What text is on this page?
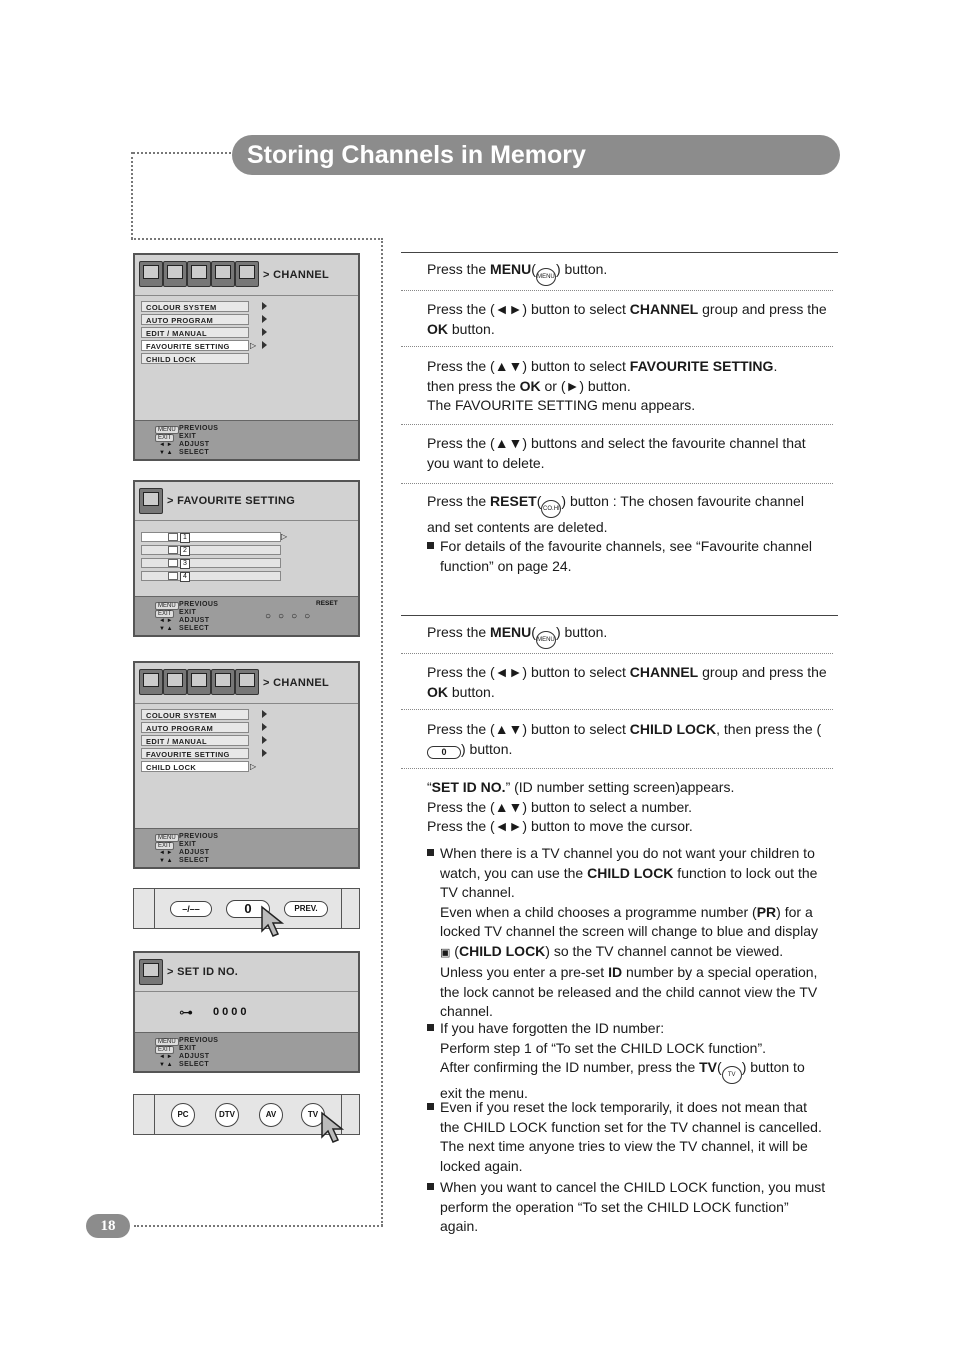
Storing Channels in Memory
> CHANNEL
COLOUR SYSTEM
AUTO PROGRAM
EDIT / MANUAL
FAVOURITE SETTING
CHILD LOCK
▷
MENU
EXIT
◄ ►
▼ ▲
PREVIOUS
EXIT
ADJUST
SELECT
> FAVOURITE SETTING
1
2
3
4
▷
MENU
EXIT
◄ ►
▼ ▲
PREVIOUS
EXIT
ADJUST
SELECT
RESET
○○○○
> CHANNEL
COLOUR SYSTEM
AUTO PROGRAM
EDIT / MANUAL
FAVOURITE SETTING
CHILD LOCK	▷
MENU
EXIT
◄ ►
▼ ▲
PREVIOUS
EXIT
ADJUST
SELECT
–/––	0	PREV.
> SET ID NO.
⊶ 0000
MENU
EXIT
◄ ►
▼ ▲
PREVIOUS
EXIT
ADJUST
SELECT
PC	DTV	AV	TV
18
Press the MENU(MENU) button.
Press the (◄►) button to select CHANNEL group and press the OK button.
Press the (▲▼) button to select FAVOURITE SETTING.
then press the OK or (►) button.
The FAVOURITE SETTING menu appears.
Press the (▲▼) buttons and select the favourite channel that you want to delete.
Press the RESET( CO.HI ) button : The chosen favourite channel and set contents are deleted.
For details of the favourite channels, see “Favourite channel function” on page 24.
Press the MENU(MENU) button.
Press the (◄►) button to select CHANNEL group and press the OK button.
Press the (▲▼) button to select CHILD LOCK, then press the (0 ) button.
“SET ID NO.” (ID number setting screen)appears.
Press the (▲▼) button to select a number.
Press the (◄►) button to move the cursor.
When there is a TV channel you do not want your children to watch, you can use the CHILD LOCK function to lock out the TV channel.
Even when a child chooses a programme number (PR) for a locked TV channel the screen will change to blue and display ▣ (CHILD LOCK) so the TV channel cannot be viewed.
Unless you enter a pre-set ID number by a special operation, the lock cannot be released and the child cannot view the TV channel.
If you have forgotten the ID number:
Perform step 1 of “To set the CHILD LOCK function”.
After confirming the ID number, press the TV( TV ) button to exit the menu.
Even if you reset the lock temporarily, it does not mean that the CHILD LOCK function set for the TV channel is cancelled. The next time anyone tries to view the TV channel, it will be locked again.
When you want to cancel the CHILD LOCK function, you must perform the operation “To set the CHILD LOCK function” again.
